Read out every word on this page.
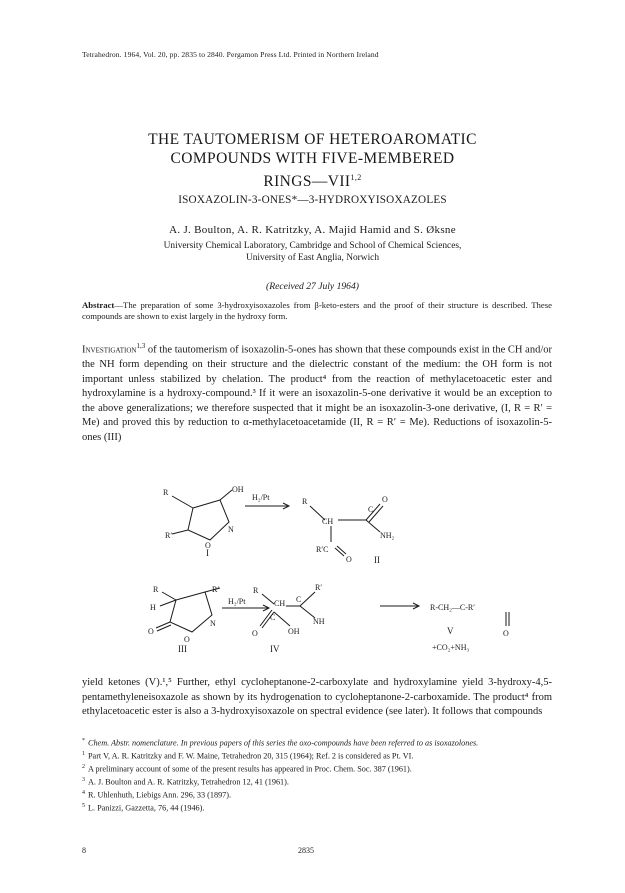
Tetrahedron. 1964, Vol. 20, pp. 2835 to 2840. Pergamon Press Ltd. Printed in Northern Ireland
THE TAUTOMERISM OF HETEROAROMATIC
COMPOUNDS WITH FIVE-MEMBERED
RINGS—VII$^{1,2}$
ISOXAZOLIN-3-ONES*—3-HYDROXYISOXAZOLES
A. J. Boulton, A. R. Katritzky, A. Majid Hamid and S. Øksne
University Chemical Laboratory, Cambridge and School of Chemical Sciences,
University of East Anglia, Norwich
(Received 27 July 1964)
Abstract—The preparation of some 3-hydroxyisoxazoles from β-keto-esters and the proof of their structure is described. These compounds are shown to exist largely in the hydroxy form.
Investigation$^{1,3}$ of the tautomerism of isoxazolin-5-ones has shown that these compounds exist in the CH and/or the NH form depending on their structure and the dielectric constant of the medium: the OH form is not important unless stabilized by chelation. The product⁴ from the reaction of methylacetoacetic ester and hydroxylamine is a hydroxy-compound.³ If it were an isoxazolin-5-one derivative it would be an exception to the above generalizations; we therefore suspected that it might be an isoxazolin-3-one derivative, (I, R = R′ = Me) and proved this by reduction to α-methylacetoacetamide (II, R = R′ = Me). Reductions of isoxazolin-5-ones (III)
R
R′
O
N
OH
H₂/Pt	R
CH
C
O
NH₂
R′C
O
I
II
R	R′
H
O
O
N
H₂/Pt
R
CH C
R′
NH
C
O	OH
R-CH₂—C-R′
O
+CO₂+NH₃
III	IV
V
yield ketones (V).¹,⁵ Further, ethyl cycloheptanone-2-carboxylate and hydroxylamine yield 3-hydroxy-4,5-pentamethyleneisoxazole as shown by its hydrogenation to cycloheptanone-2-carboxamide. The product⁴ from ethylacetoacetic ester is also a 3-hydroxyisoxazole on spectral evidence (see later). It follows that compounds
* Chem. Abstr. nomenclature. In previous papers of this series the oxo-compounds have been referred to as isoxazolones.
$^1$ Part V, A. R. Katritzky and F. W. Maine, Tetrahedron 20, 315 (1964); Ref. 2 is considered as Pt. VI.
$^2$ A preliminary account of some of the present results has appeared in Proc. Chem. Soc. 387 (1961).
$^3$ A. J. Boulton and A. R. Katritzky, Tetrahedron 12, 41 (1961).
$^4$ R. Uhlenhuth, Liebigs Ann. 296, 33 (1897).
$^5$ L. Panizzi, Gazzetta, 76, 44 (1946).
8	2835
